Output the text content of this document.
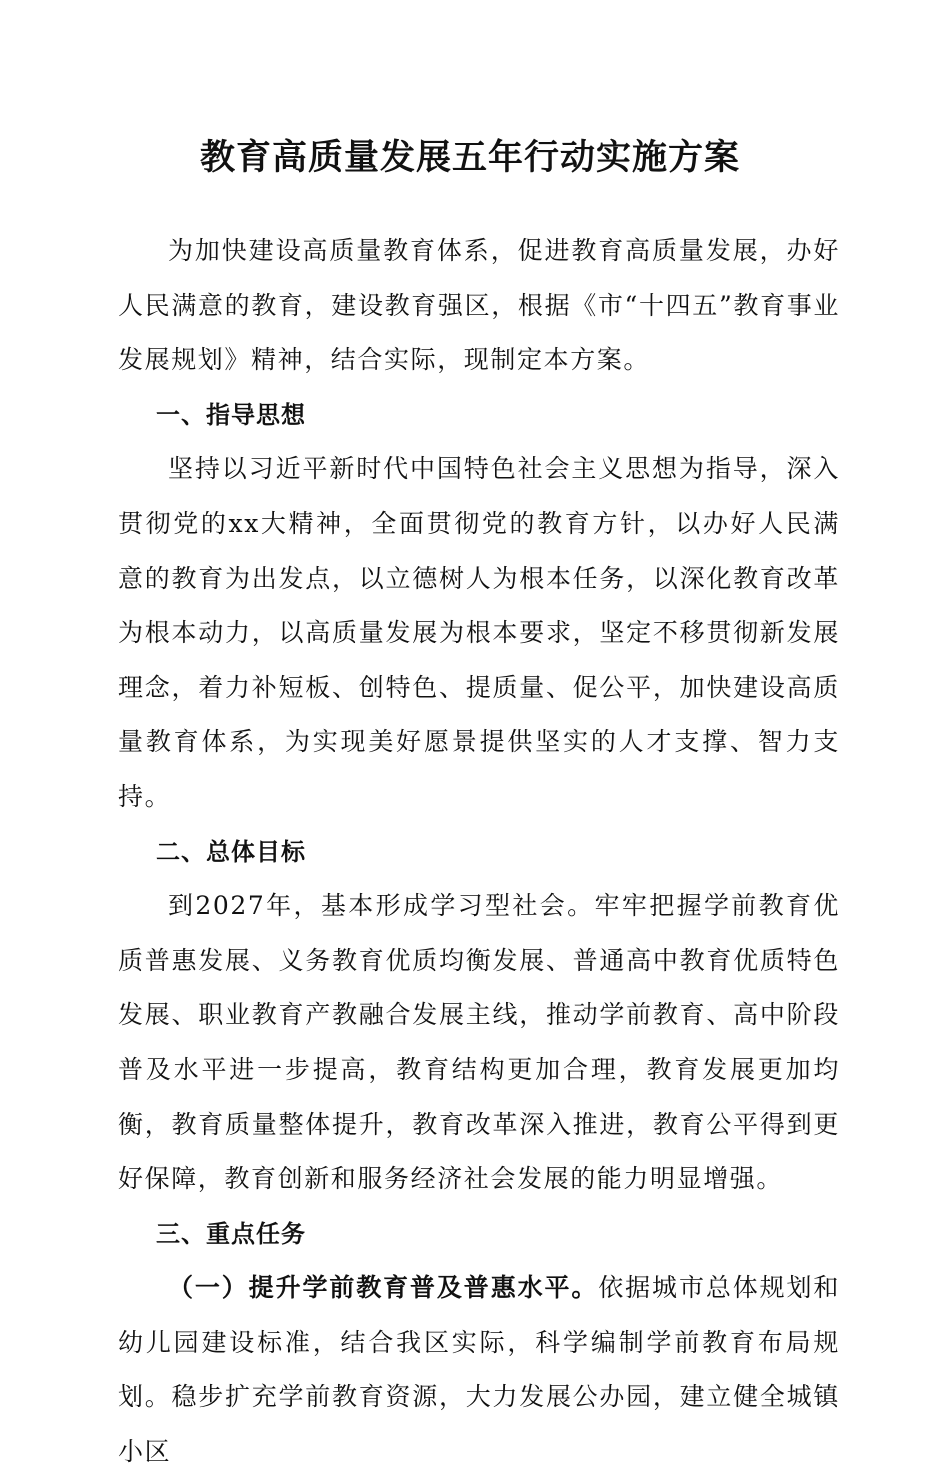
教育高质量发展五年行动实施方案

为加快建设高质量教育体系，促进教育高质量发展，办好人民满意的教育，建设教育强区，根据《市“十四五”教育事业发展规划》精神，结合实际，现制定本方案。

一、指导思想

坚持以习近平新时代中国特色社会主义思想为指导，深入贯彻党的xx大精神，全面贯彻党的教育方针，以办好人民满意的教育为出发点，以立德树人为根本任务，以深化教育改革为根本动力，以高质量发展为根本要求，坚定不移贯彻新发展理念，着力补短板、创特色、提质量、促公平，加快建设高质量教育体系，为实现美好愿景提供坚实的人才支撑、智力支持。

二、总体目标

到2027年，基本形成学习型社会。牢牢把握学前教育优质普惠发展、义务教育优质均衡发展、普通高中教育优质特色发展、职业教育产教融合发展主线，推动学前教育、高中阶段普及水平进一步提高，教育结构更加合理，教育发展更加均衡，教育质量整体提升，教育改革深入推进，教育公平得到更好保障，教育创新和服务经济社会发展的能力明显增强。

三、重点任务

（一）提升学前教育普及普惠水平。依据城市总体规划和幼儿园建设标准，结合我区实际，科学编制学前教育布局规划。稳步扩充学前教育资源，大力发展公办园，建立健全城镇小区
